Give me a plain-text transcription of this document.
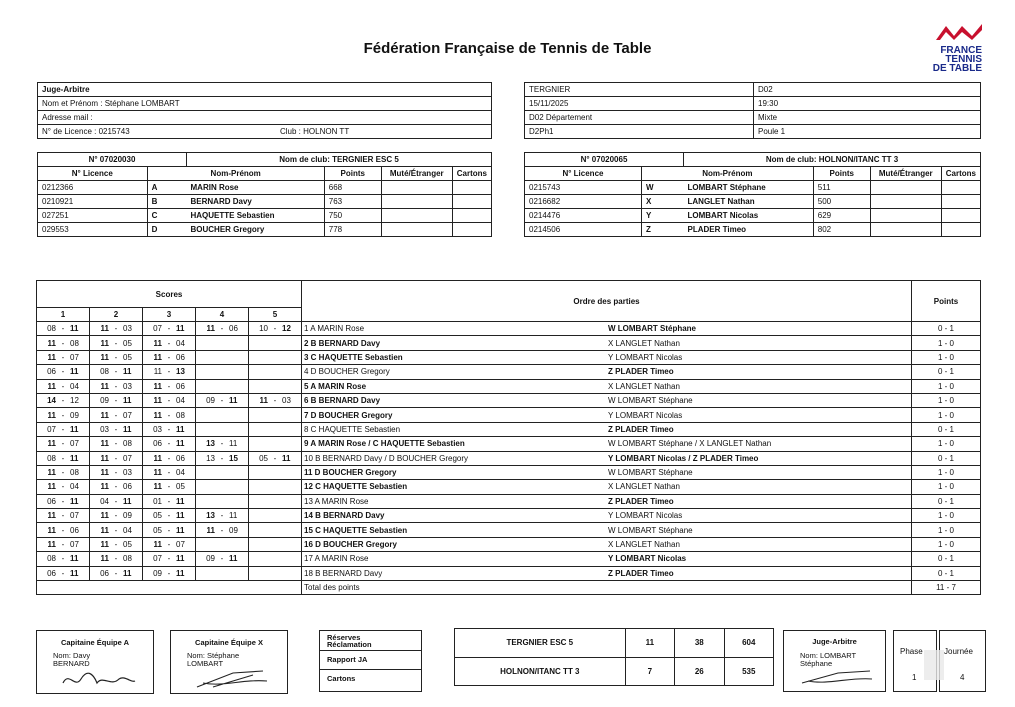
Fédération Française de Tennis de Table	FRANCE
TENNIS
DE TABLE
Juge-Arbitre
Nom et Prénom : Stéphane LOMBART
Adresse mail :
N° de Licence : 0215743	Club : HOLNON TT
TERGNIER	D02
15/11/2025	19:30
D02 Département	Mixte
D2Ph1	Poule 1
N° 07020030		Nom de club: TERGNIER ESC 5			
N° Licence	Nom-Prénom		Points	Muté/Étranger	Cartons
0212366	A	MARIN Rose	668		
0210921	B	BERNARD Davy	763		
027251	C	HAQUETTE Sebastien	750		
029553	D	BOUCHER Gregory	778		
N° 07020065		Nom de club: HOLNON/ITANC TT 3			
N° Licence	Nom-Prénom		Points	Muté/Étranger	Cartons
0215743	W	LOMBART Stéphane	511		
0216682	X	LANGLET Nathan	500		
0214476	Y	LOMBART Nicolas	629		
0214506	Z	PLADER Timeo	802		
Scores															Ordre des parties		Points
1			2			3			4			5					
08	-	11	11	-	03	07	-	11	11	-	06	10	-	12	1 A MARIN Rose	W LOMBART Stéphane	0 - 1
11	-	08	11	-	05	11	-	04							2 B BERNARD Davy	X LANGLET Nathan	1 - 0
11	-	07	11	-	05	11	-	06							3 C HAQUETTE Sebastien	Y LOMBART Nicolas	1 - 0
06	-	11	08	-	11	11	-	13							4 D BOUCHER Gregory	Z PLADER Timeo	0 - 1
11	-	04	11	-	03	11	-	06							5 A MARIN Rose	X LANGLET Nathan	1 - 0
14	-	12	09	-	11	11	-	04	09	-	11	11	-	03	6 B BERNARD Davy	W LOMBART Stéphane	1 - 0
11	-	09	11	-	07	11	-	08							7 D BOUCHER Gregory	Y LOMBART Nicolas	1 - 0
07	-	11	03	-	11	03	-	11							8 C HAQUETTE Sebastien	Z PLADER Timeo	0 - 1
11	-	07	11	-	08	06	-	11	13	-	11				9 A MARIN Rose / C HAQUETTE Sebastien	W LOMBART Stéphane / X LANGLET Nathan	1 - 0
08	-	11	11	-	07	11	-	06	13	-	15	05	-	11	10 B BERNARD Davy / D BOUCHER Gregory	Y LOMBART Nicolas / Z PLADER Timeo	0 - 1
11	-	08	11	-	03	11	-	04							11 D BOUCHER Gregory	W LOMBART Stéphane	1 - 0
11	-	04	11	-	06	11	-	05							12 C HAQUETTE Sebastien	X LANGLET Nathan	1 - 0
06	-	11	04	-	11	01	-	11							13 A MARIN Rose	Z PLADER Timeo	0 - 1
11	-	07	11	-	09	05	-	11	13	-	11				14 B BERNARD Davy	Y LOMBART Nicolas	1 - 0
11	-	06	11	-	04	05	-	11	11	-	09				15 C HAQUETTE Sebastien	W LOMBART Stéphane	1 - 0
11	-	07	11	-	05	11	-	07							16 D BOUCHER Gregory	X LANGLET Nathan	1 - 0
08	-	11	11	-	08	07	-	11	09	-	11				17 A MARIN Rose	Y LOMBART Nicolas	0 - 1
06	-	11	06	-	11	09	-	11							18 B BERNARD Davy	Z PLADER Timeo	0 - 1
															Total des points		11 - 7
Capitaine Équipe A
Nom: Davy
BERNARD
Capitaine Équipe X
Nom: Stéphane
LOMBART
Réserves
Réclamation
Rapport JA
Cartons
TERGNIER ESC 5	11	38	604
HOLNON/ITANC TT 3	7	26	535
Juge-Arbitre
Nom: LOMBART
Stéphane
Phase
1
Journée
4
